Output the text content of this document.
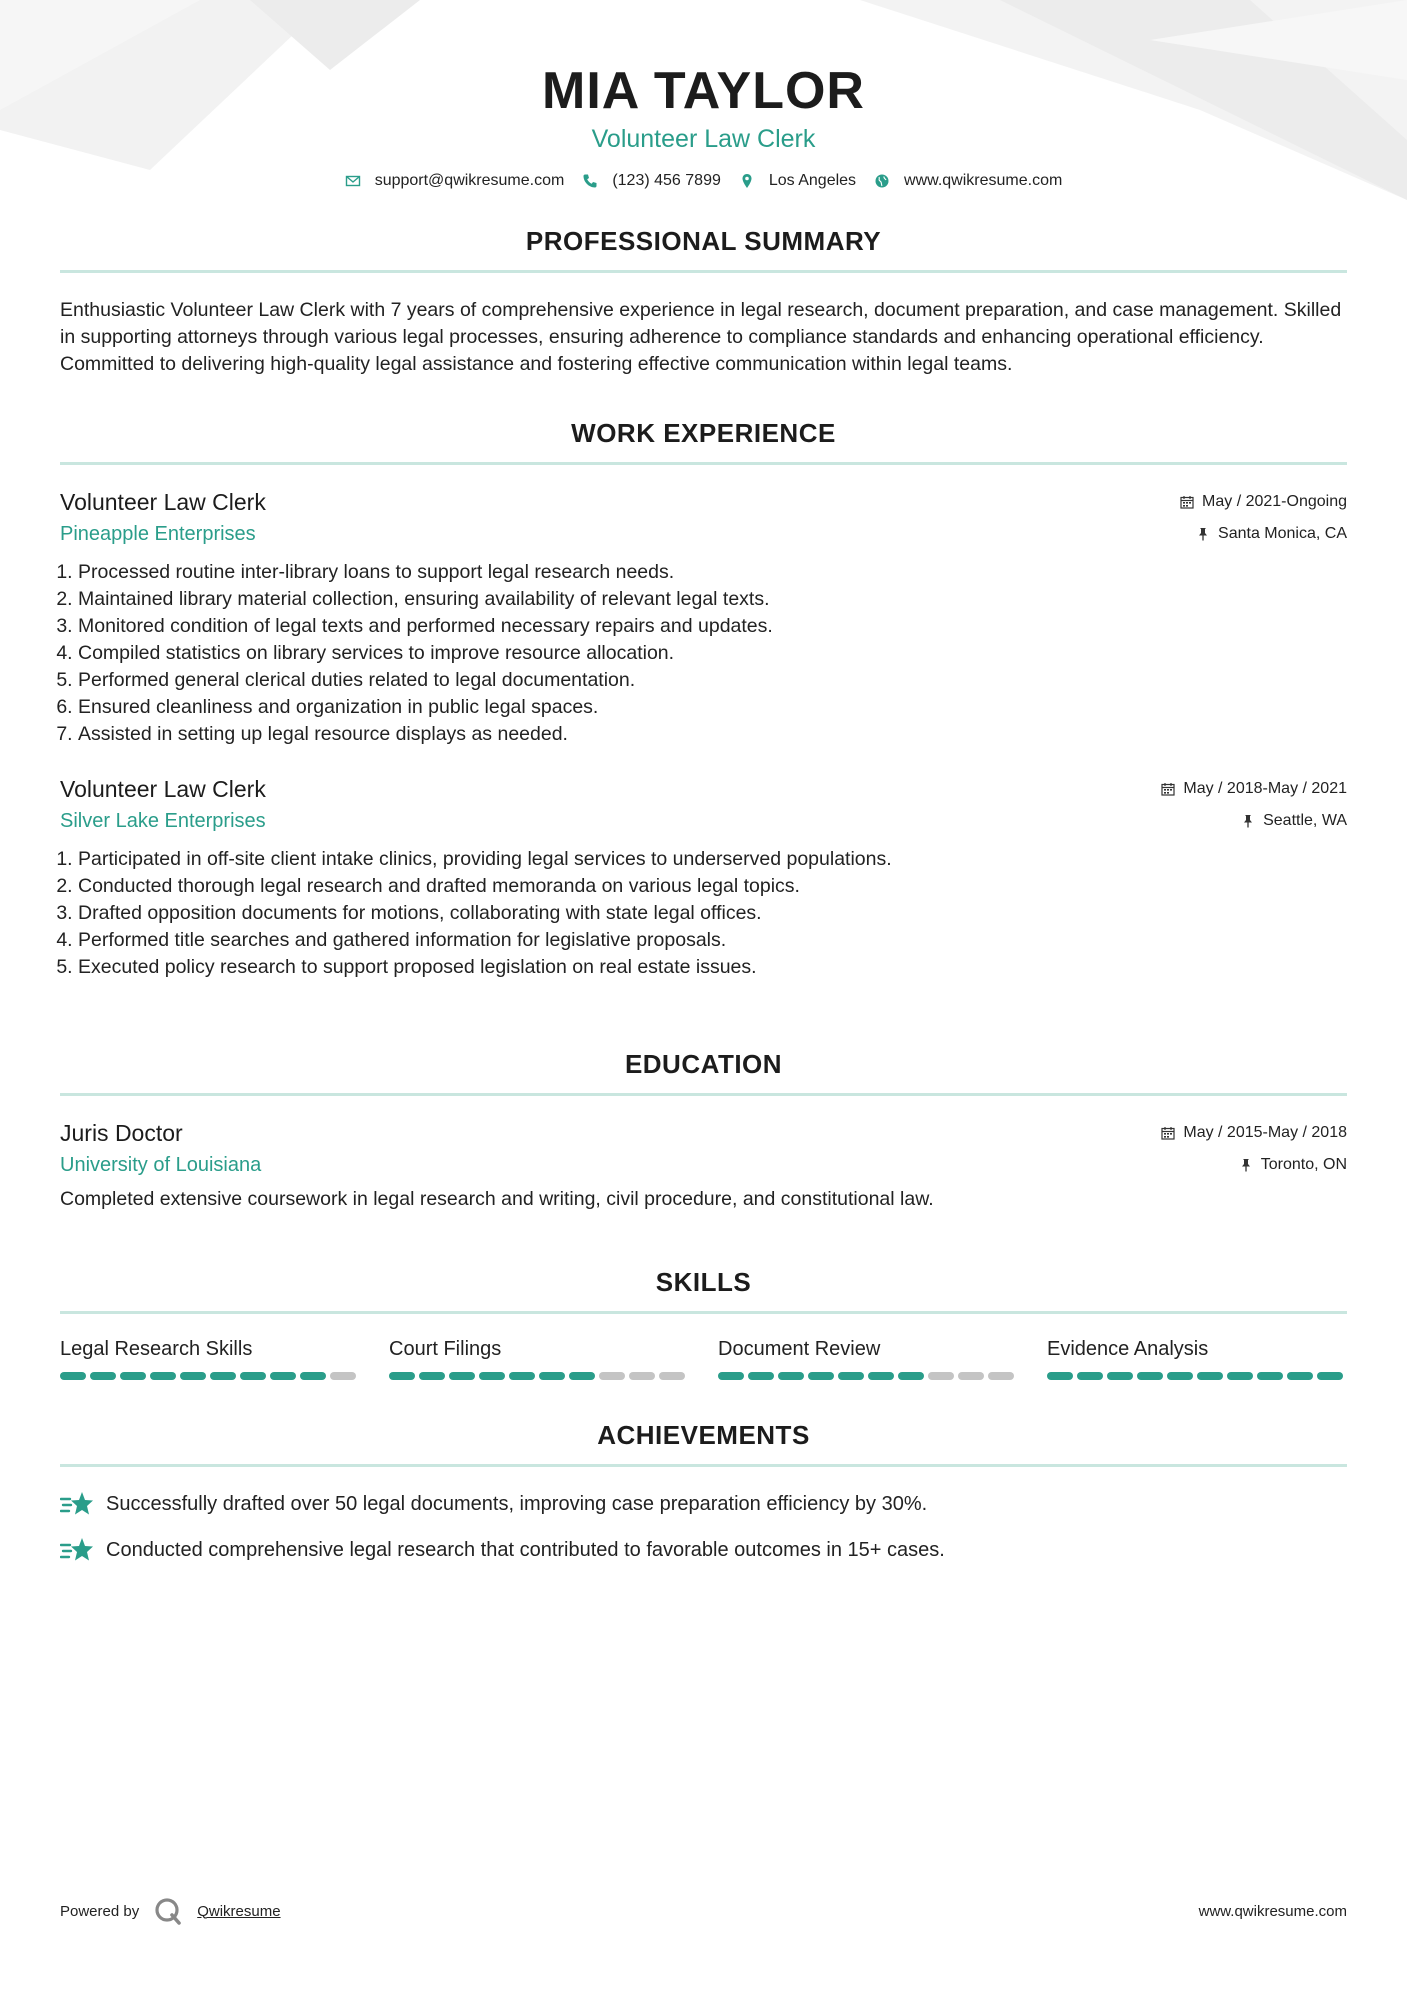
MIA TAYLOR
Volunteer Law Clerk
support@qwikresume.com	(123) 456 7899	Los Angeles	www.qwikresume.com
PROFESSIONAL SUMMARY
Enthusiastic Volunteer Law Clerk with 7 years of comprehensive experience in legal research, document preparation, and case management. Skilled in supporting attorneys through various legal processes, ensuring adherence to compliance standards and enhancing operational efficiency. Committed to delivering high-quality legal assistance and fostering effective communication within legal teams.
WORK EXPERIENCE
Volunteer Law Clerk
Pineapple Enterprises
May / 2021-Ongoing
Santa Monica, CA
1. Processed routine inter-library loans to support legal research needs.
2. Maintained library material collection, ensuring availability of relevant legal texts.
3. Monitored condition of legal texts and performed necessary repairs and updates.
4. Compiled statistics on library services to improve resource allocation.
5. Performed general clerical duties related to legal documentation.
6. Ensured cleanliness and organization in public legal spaces.
7. Assisted in setting up legal resource displays as needed.
Volunteer Law Clerk
Silver Lake Enterprises
May / 2018-May / 2021
Seattle, WA
1. Participated in off-site client intake clinics, providing legal services to underserved populations.
2. Conducted thorough legal research and drafted memoranda on various legal topics.
3. Drafted opposition documents for motions, collaborating with state legal offices.
4. Performed title searches and gathered information for legislative proposals.
5. Executed policy research to support proposed legislation on real estate issues.
EDUCATION
Juris Doctor
University of Louisiana
May / 2015-May / 2018
Toronto, ON
Completed extensive coursework in legal research and writing, civil procedure, and constitutional law.
SKILLS
Legal Research Skills	Court Filings	Document Review	Evidence Analysis
ACHIEVEMENTS
Successfully drafted over 50 legal documents, improving case preparation efficiency by 30%.
Conducted comprehensive legal research that contributed to favorable outcomes in 15+ cases.
Powered by	Qwikresume	www.qwikresume.com
